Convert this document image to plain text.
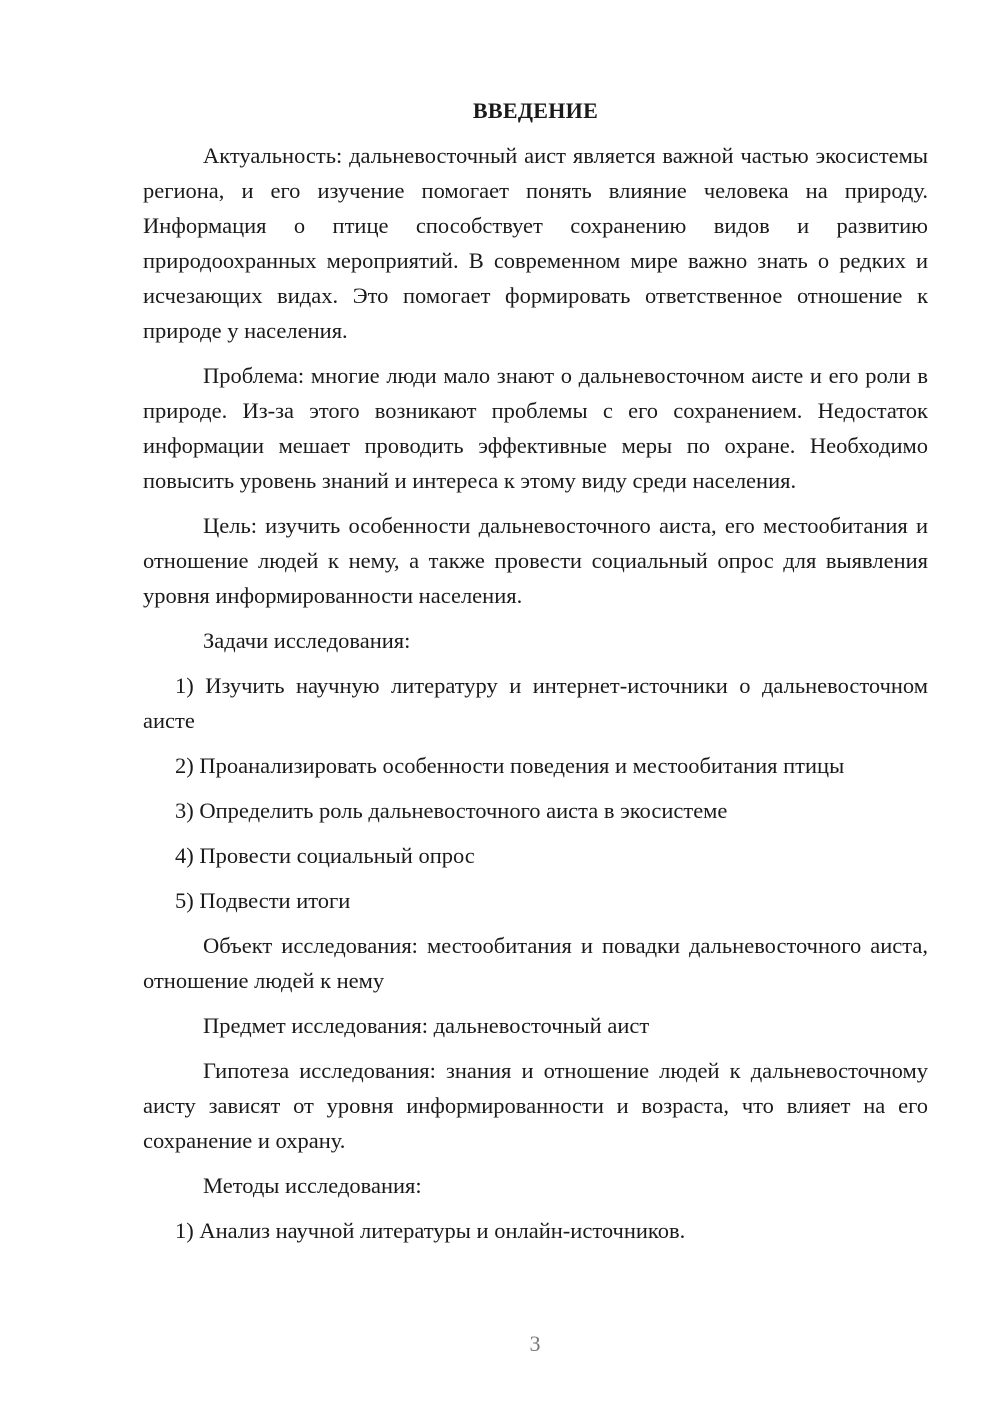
ВВЕДЕНИЕ

Актуальность: дальневосточный аист является важной частью экосистемы региона, и его изучение помогает понять влияние человека на природу. Информация о птице способствует сохранению видов и развитию природоохранных мероприятий. В современном мире важно знать о редких и исчезающих видах. Это помогает формировать ответственное отношение к природе у населения.

Проблема: многие люди мало знают о дальневосточном аисте и его роли в природе. Из-за этого возникают проблемы с его сохранением. Недостаток информации мешает проводить эффективные меры по охране. Необходимо повысить уровень знаний и интереса к этому виду среди населения.

Цель: изучить особенности дальневосточного аиста, его местообитания и отношение людей к нему, а также провести социальный опрос для выявления уровня информированности населения.

Задачи исследования:

1) Изучить научную литературу и интернет-источники о дальневосточном аисте

2) Проанализировать особенности поведения и местообитания птицы

3) Определить роль дальневосточного аиста в экосистеме

4) Провести социальный опрос

5) Подвести итоги

Объект исследования: местообитания и повадки дальневосточного аиста, отношение людей к нему

Предмет исследования: дальневосточный аист

Гипотеза исследования: знания и отношение людей к дальневосточному аисту зависят от уровня информированности и возраста, что влияет на его сохранение и охрану.

Методы исследования:

1) Анализ научной литературы и онлайн-источников.

3
